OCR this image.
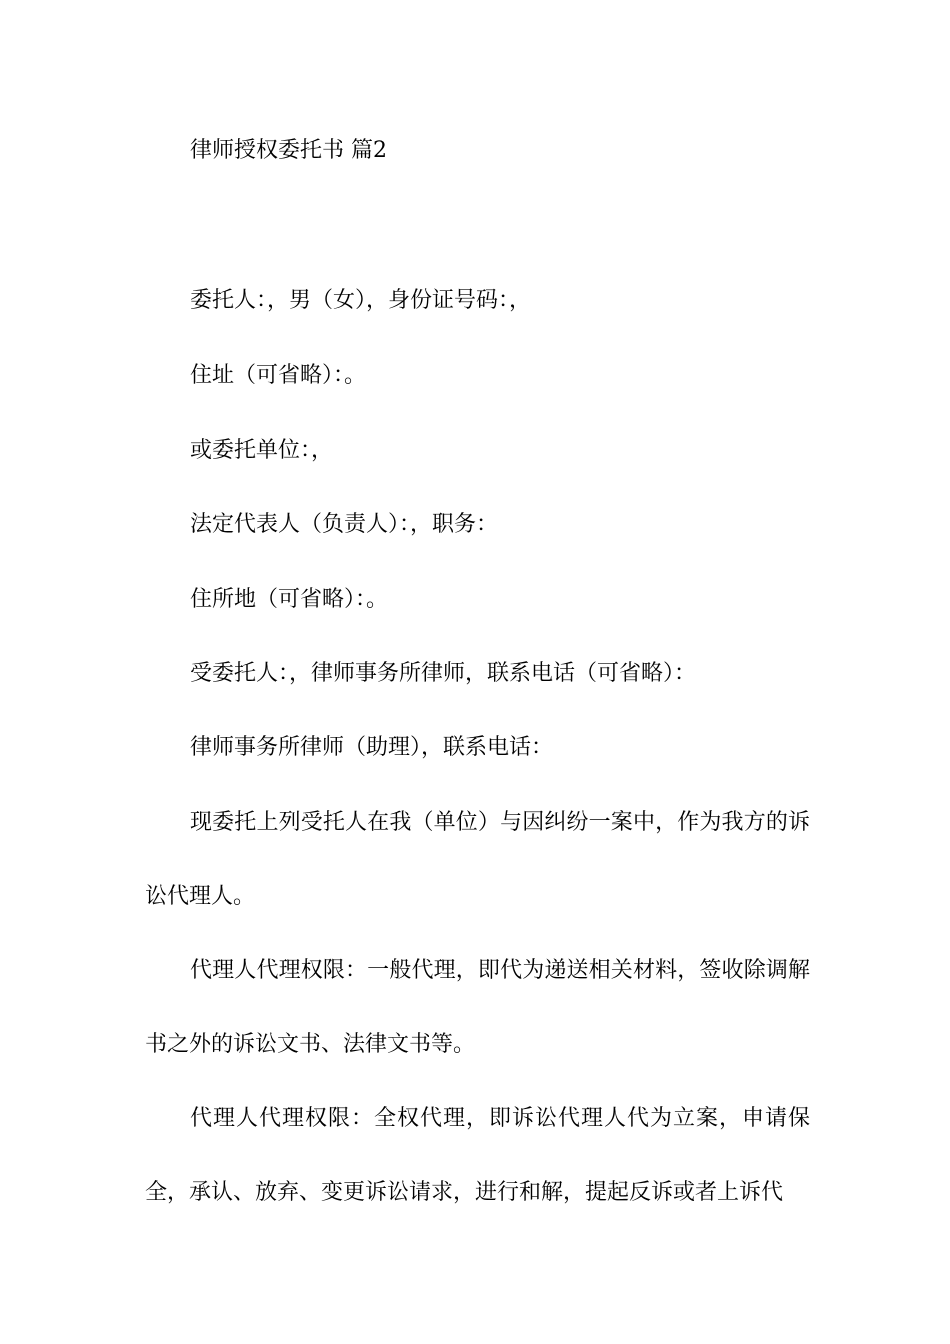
律师授权委托书 篇2
委托人：，男（女），身份证号码：，
住址（可省略）：。
或委托单位：，
法定代表人（负责人）：，职务：
住所地（可省略）：。
受委托人：，律师事务所律师，联系电话（可省略）：
律师事务所律师（助理），联系电话：

现委托上列受托人在我（单位）与因纠纷一案中，作为我方的诉讼代理人。

代理人代理权限：一般代理，即代为递送相关材料，签收除调解书之外的诉讼文书、法律文书等。

代理人代理权限：全权代理，即诉讼代理人代为立案，申请保全，承认、放弃、变更诉讼请求，进行和解，提起反诉或者上诉代
